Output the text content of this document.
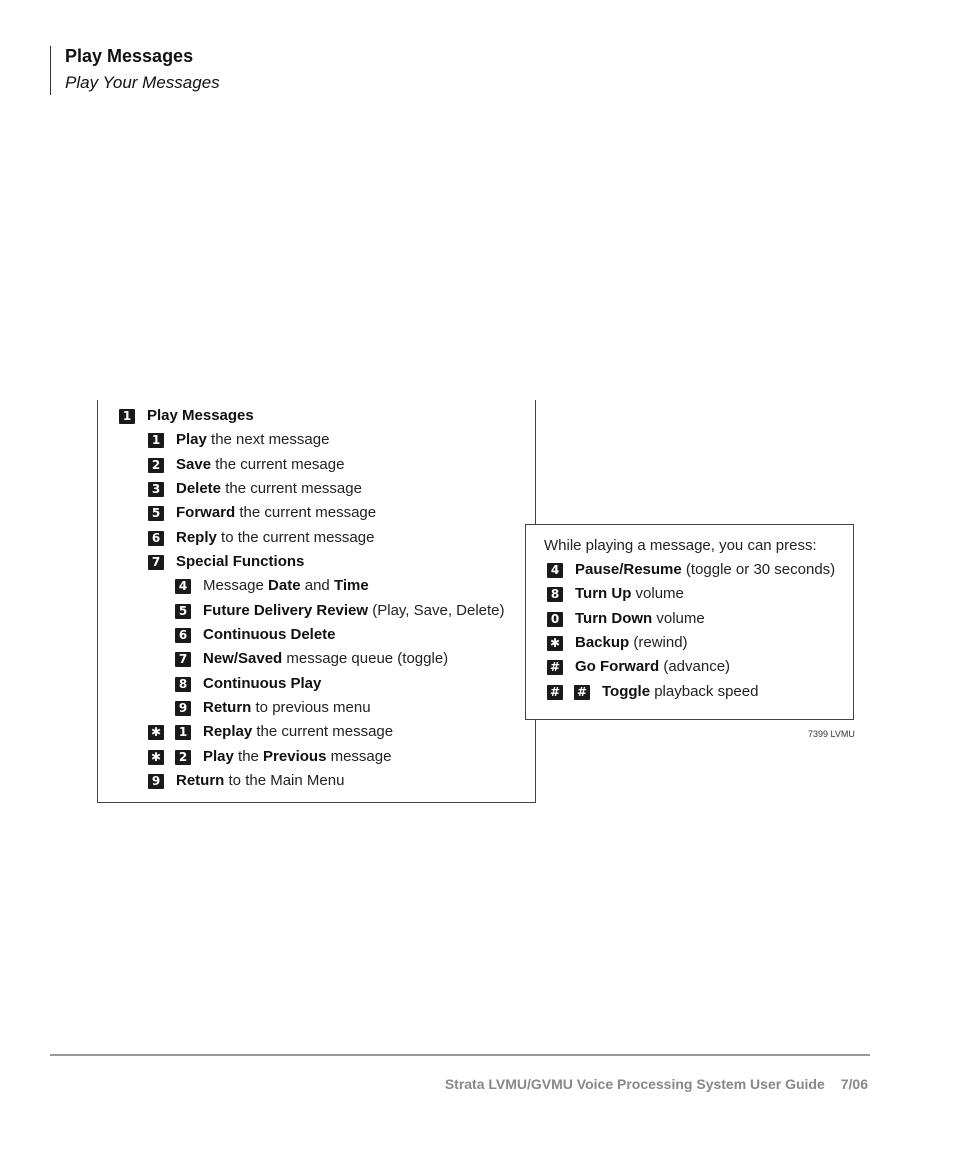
Play Messages
Play Your Messages
1 Play Messages
1 Play the next message
2 Save the current mesage
3 Delete the current message
5 Forward the current message
6 Reply to the current message
7 Special Functions
4 Message Date and Time
5 Future Delivery Review (Play, Save, Delete)
6 Continuous Delete
7 New/Saved message queue (toggle)
8 Continuous Play
9 Return to previous menu
✱	1 Replay the current message
✱	2 Play the Previous message
9 Return to the Main Menu
While playing a message, you can press:
4 Pause/Resume (toggle or 30 seconds)
8 Turn Up volume
0 Turn Down volume
✱ Backup (rewind)
# Go Forward (advance)
# # Toggle playback speed
7399 LVMU
Strata LVMU/GVMU Voice Processing System User Guide 7/06
